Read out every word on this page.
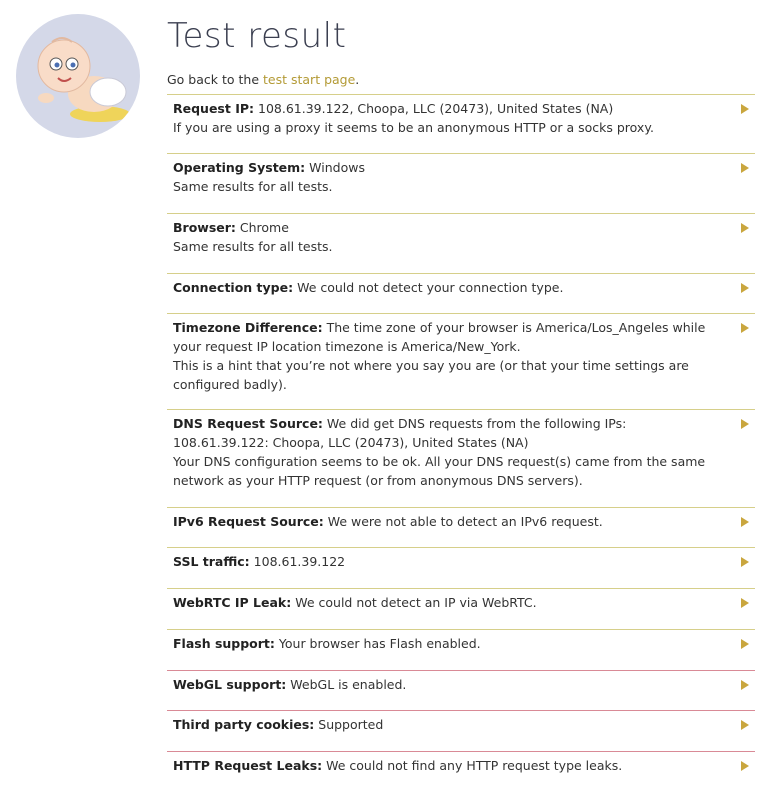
Test result
Go back to the test start page.
Request IP: 108.61.39.122, Choopa, LLC (20473), United States (NA)
If you are using a proxy it seems to be an anonymous HTTP or a socks proxy.
Operating System: Windows
Same results for all tests.
Browser: Chrome
Same results for all tests.
Connection type: We could not detect your connection type.
Timezone Difference: The time zone of your browser is America/Los_Angeles while your request IP location timezone is America/New_York.
This is a hint that you’re not where you say you are (or that your time settings are configured badly).
DNS Request Source: We did get DNS requests from the following IPs:
108.61.39.122: Choopa, LLC (20473), United States (NA)
Your DNS configuration seems to be ok. All your DNS request(s) came from the same network as your HTTP request (or from anonymous DNS servers).
IPv6 Request Source: We were not able to detect an IPv6 request.
SSL traffic: 108.61.39.122
WebRTC IP Leak: We could not detect an IP via WebRTC.
Flash support: Your browser has Flash enabled.
WebGL support: WebGL is enabled.
Third party cookies: Supported
HTTP Request Leaks: We could not find any HTTP request type leaks.
